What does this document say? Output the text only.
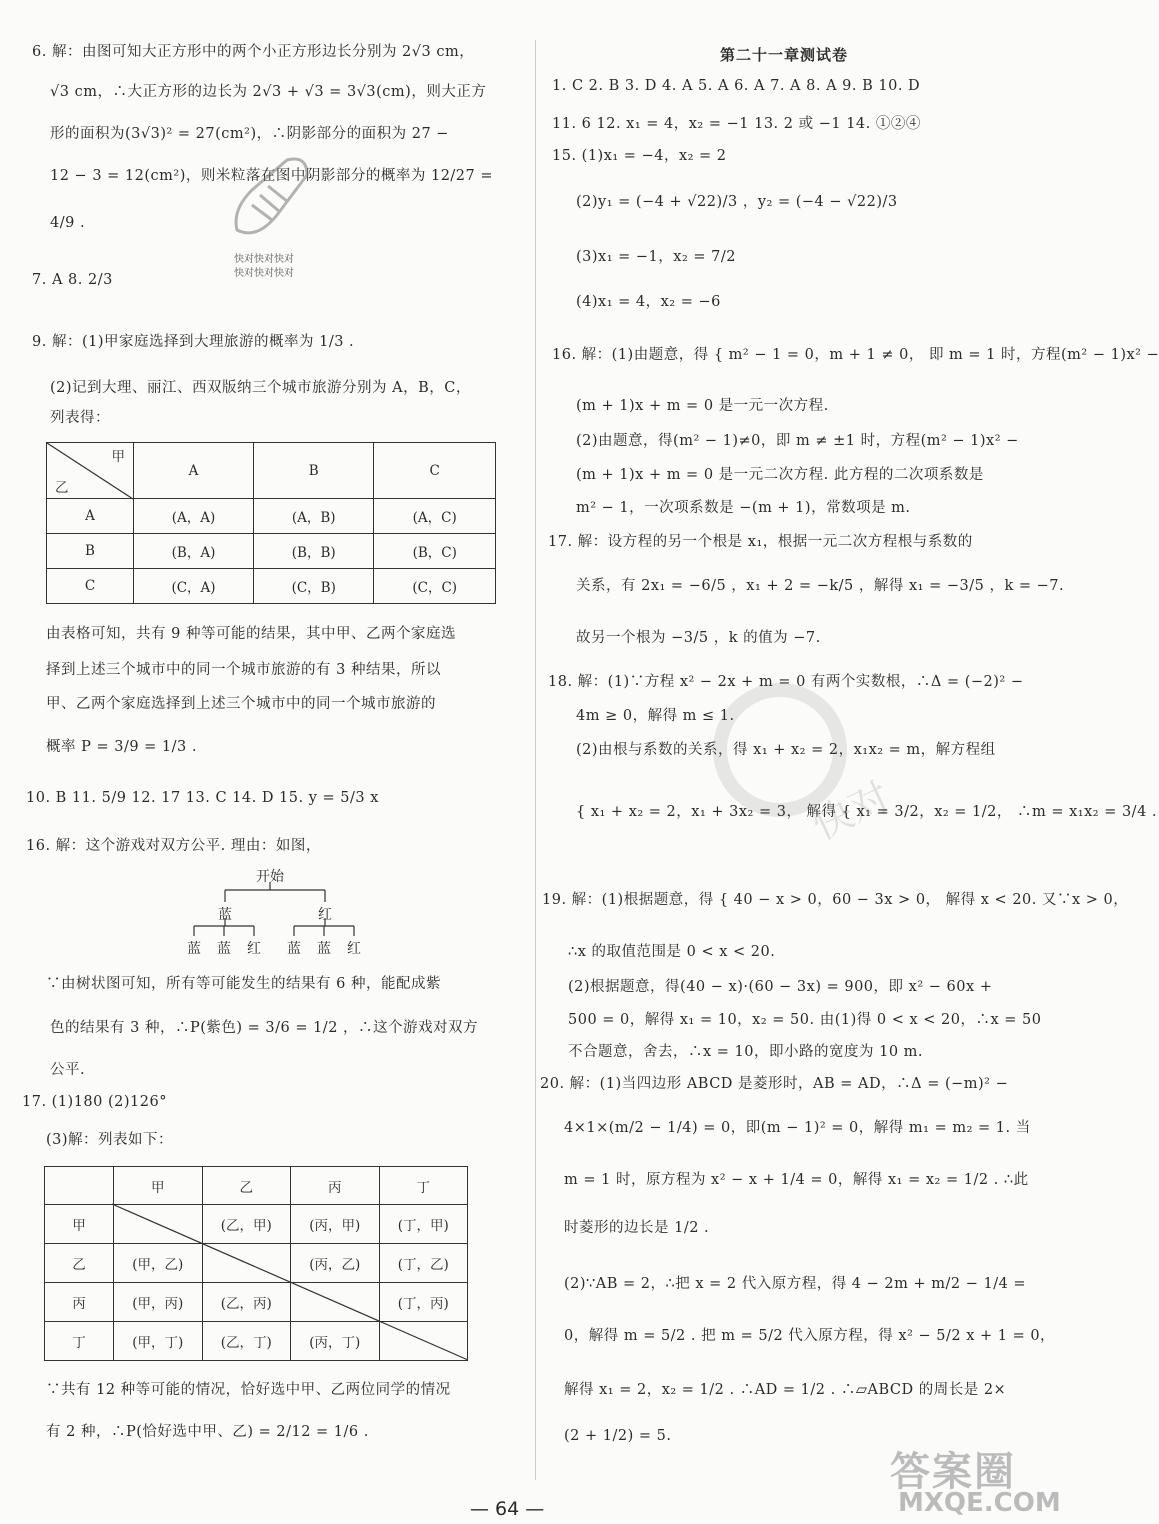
6. 解：由图可知大正方形中的两个小正方形边长分别为 2√3 cm，
√3 cm，∴大正方形的边长为 2√3 + √3 = 3√3(cm)，则大正方
形的面积为(3√3)² = 27(cm²)，∴阴影部分的面积为 27 −
12 − 3 = 12(cm²)，则米粒落在图中阴影部分的概率为 12/27 =
4/9 .
快对快对快对
快对快对快对
7. A 8. 2/3
9. 解：(1)甲家庭选择到大理旅游的概率为 1/3 .
(2)记到大理、丽江、西双版纳三个城市旅游分别为 A，B，C，
列表得：
甲
乙	A	B	C
A	(A，A)	(A，B)	(A，C)
B	(B，A)	(B，B)	(B，C)
C	(C，A)	(C，B)	(C，C)
由表格可知，共有 9 种等可能的结果，其中甲、乙两个家庭选
择到上述三个城市中的同一个城市旅游的有 3 种结果，所以
甲、乙两个家庭选择到上述三个城市中的同一个城市旅游的
概率 P = 3/9 = 1/3 .
10. B 11. 5/9 12. 17 13. C 14. D 15. y = 5/3 x
16. 解：这个游戏对双方公平. 理由：如图，
开始
蓝	红
蓝 蓝 红 蓝 蓝 红
∵由树状图可知，所有等可能发生的结果有 6 种，能配成紫
色的结果有 3 种，∴P(紫色) = 3/6 = 1/2 ，∴这个游戏对双方
公平.
17. (1)180 (2)126°
(3)解：列表如下：
	甲	乙	丙	丁
甲		(乙，甲)	(丙，甲)	(丁，甲)
乙	(甲，乙)		(丙，乙)	(丁，乙)
丙	(甲，丙)	(乙，丙)		(丁，丙)
丁	(甲，丁)	(乙，丁)	(丙，丁)	
∵共有 12 种等可能的情况，恰好选中甲、乙两位同学的情况
有 2 种，∴P(恰好选中甲、乙) = 2/12 = 1/6 .
第二十一章测试卷
1. C 2. B 3. D 4. A 5. A 6. A 7. A 8. A 9. B 10. D
11. 6 12. x₁ = 4，x₂ = −1 13. 2 或 −1 14. ①②④
15. (1)x₁ = −4，x₂ = 2
(2)y₁ = (−4 + √22)/3 ，y₂ = (−4 − √22)/3
(3)x₁ = −1，x₂ = 7/2
(4)x₁ = 4，x₂ = −6
16. 解：(1)由题意，得 { m² − 1 = 0，m + 1 ≠ 0， 即 m = 1 时，方程(m² − 1)x² −
(m + 1)x + m = 0 是一元一次方程.
(2)由题意，得(m² − 1)≠0，即 m ≠ ±1 时，方程(m² − 1)x² −
(m + 1)x + m = 0 是一元二次方程. 此方程的二次项系数是
m² − 1，一次项系数是 −(m + 1)，常数项是 m.
17. 解：设方程的另一个根是 x₁，根据一元二次方程根与系数的
关系，有 2x₁ = −6/5 ，x₁ + 2 = −k/5 ，解得 x₁ = −3/5 ，k = −7.
故另一个根为 −3/5 ，k 的值为 −7.
18. 解：(1)∵方程 x² − 2x + m = 0 有两个实数根，∴Δ = (−2)² −
4m ≥ 0，解得 m ≤ 1.
(2)由根与系数的关系，得 x₁ + x₂ = 2，x₁x₂ = m，解方程组
{ x₁ + x₂ = 2，x₁ + 3x₂ = 3， 解得 { x₁ = 3/2，x₂ = 1/2， ∴m = x₁x₂ = 3/4 .
19. 解：(1)根据题意，得 { 40 − x > 0，60 − 3x > 0， 解得 x < 20. 又∵x > 0，
∴x 的取值范围是 0 < x < 20.
(2)根据题意，得(40 − x)·(60 − 3x) = 900，即 x² − 60x +
500 = 0，解得 x₁ = 10，x₂ = 50. 由(1)得 0 < x < 20，∴x = 50
不合题意，舍去，∴x = 10，即小路的宽度为 10 m.
20. 解：(1)当四边形 ABCD 是菱形时，AB = AD，∴Δ = (−m)² −
4×1×(m/2 − 1/4) = 0，即(m − 1)² = 0，解得 m₁ = m₂ = 1. 当
m = 1 时，原方程为 x² − x + 1/4 = 0，解得 x₁ = x₂ = 1/2 . ∴此
时菱形的边长是 1/2 .
(2)∵AB = 2，∴把 x = 2 代入原方程，得 4 − 2m + m/2 − 1/4 =
0，解得 m = 5/2 . 把 m = 5/2 代入原方程，得 x² − 5/2 x + 1 = 0，
解得 x₁ = 2，x₂ = 1/2 . ∴AD = 1/2 . ∴▱ABCD 的周长是 2×
(2 + 1/2) = 5.
快对
— 64 —
答案圈
MXQE.COM
